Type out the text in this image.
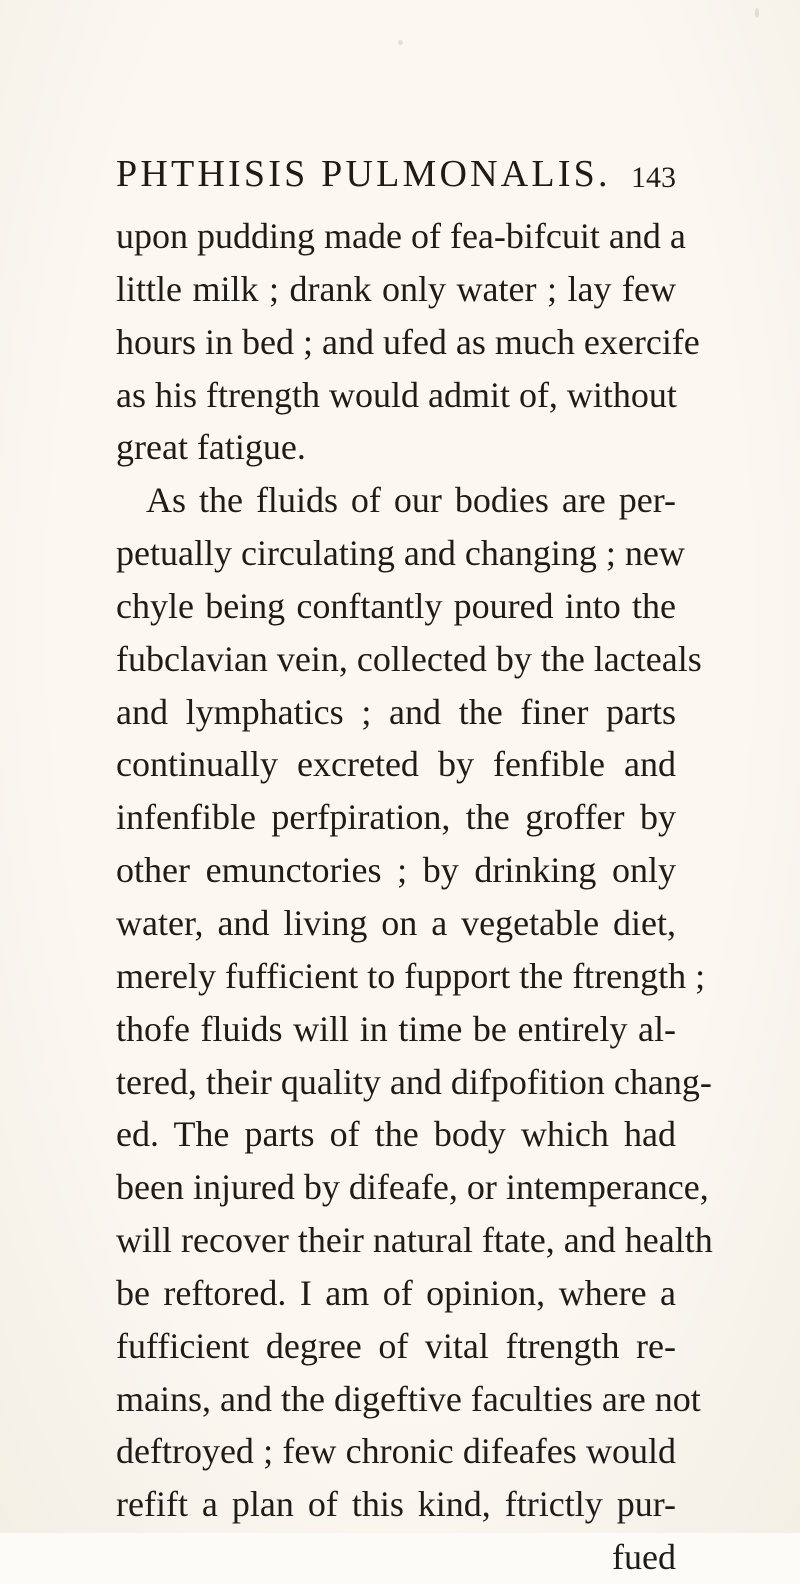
PHTHISIS PULMONALIS. 143
upon pudding made of fea-bifcuit and a
little milk ; drank only water ; lay few
hours in bed ; and ufed as much exercife
as his ftrength would admit of, without
great fatigue.
As the fluids of our bodies are per-
petually circulating and changing ; new
chyle being conftantly poured into the
fubclavian vein, collected by the lacteals
and lymphatics ; and the finer parts
continually excreted by fenfible and
infenfible perfpiration, the groffer by
other emunctories ; by drinking only
water, and living on a vegetable diet,
merely fufficient to fupport the ftrength ;
thofe fluids will in time be entirely al-
tered, their quality and difpofition chang-
ed. The parts of the body which had
been injured by difeafe, or intemperance,
will recover their natural ftate, and health
be reftored. I am of opinion, where a
fufficient degree of vital ftrength re-
mains, and the digeftive faculties are not
deftroyed ; few chronic difeafes would
refift a plan of this kind, ftrictly pur-
fued
